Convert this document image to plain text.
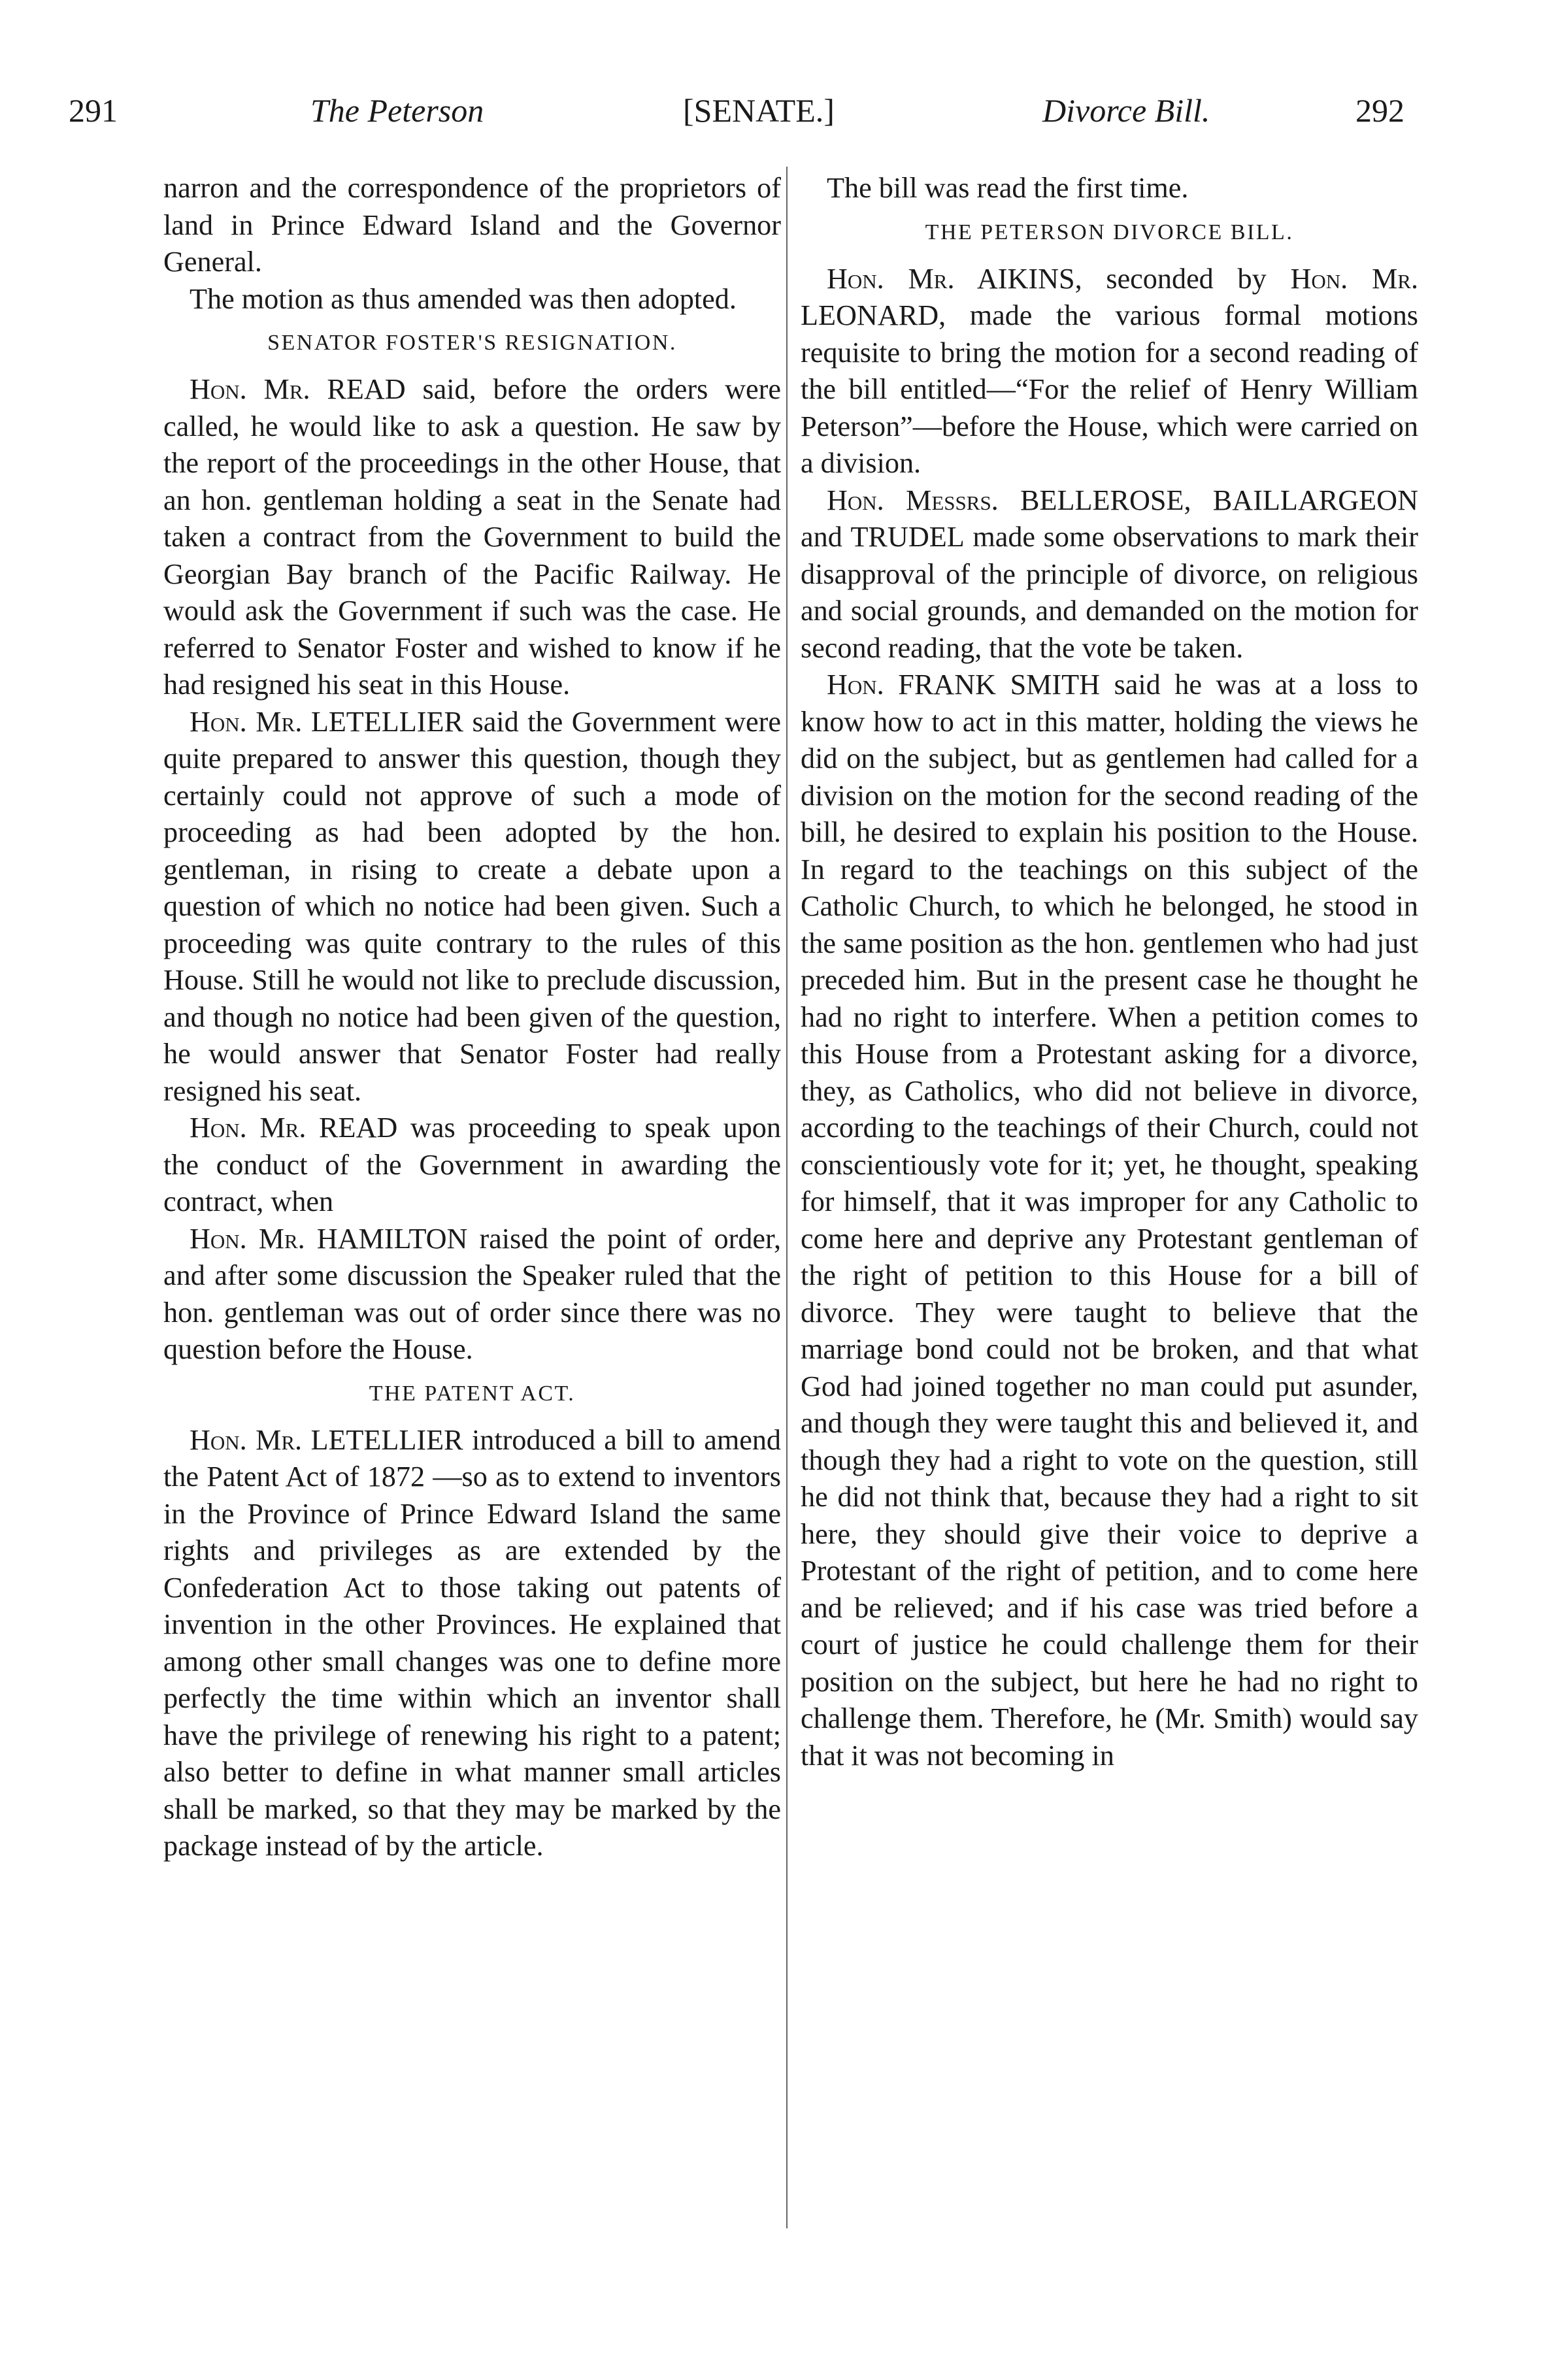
291	The Peterson	[SENATE.]	Divorce Bill.	292

narron and the correspondence of the proprietors of land in Prince Edward Island and the Governor General.

The motion as thus amended was then adopted.

SENATOR FOSTER'S RESIGNATION.

Hon. Mr. READ said, before the orders were called, he would like to ask a question. He saw by the report of the proceedings in the other House, that an hon. gentleman holding a seat in the Senate had taken a contract from the Government to build the Georgian Bay branch of the Pacific Railway. He would ask the Government if such was the case. He referred to Senator Foster and wished to know if he had resigned his seat in this House.

Hon. Mr. LETELLIER said the Government were quite prepared to answer this question, though they certainly could not approve of such a mode of proceeding as had been adopted by the hon. gentleman, in rising to create a debate upon a question of which no notice had been given. Such a proceeding was quite contrary to the rules of this House. Still he would not like to preclude discussion, and though no notice had been given of the question, he would answer that Senator Foster had really resigned his seat.

Hon. Mr. READ was proceeding to speak upon the conduct of the Government in awarding the contract, when

Hon. Mr. HAMILTON raised the point of order, and after some discussion the Speaker ruled that the hon. gentleman was out of order since there was no question before the House.

THE PATENT ACT.

Hon. Mr. LETELLIER introduced a bill to amend the Patent Act of 1872 —so as to extend to inventors in the Province of Prince Edward Island the same rights and privileges as are extended by the Confederation Act to those taking out patents of invention in the other Provinces. He explained that among other small changes was one to define more perfectly the time within which an inventor shall have the privilege of renewing his right to a patent; also better to define in what manner small articles shall be marked, so that they may be marked by the package instead of by the article.

The bill was read the first time.

THE PETERSON DIVORCE BILL.

Hon. Mr. AIKINS, seconded by Hon. Mr. LEONARD, made the various formal motions requisite to bring the motion for a second reading of the bill entitled—“For the relief of Henry William Peterson”—before the House, which were carried on a division.

Hon. Messrs. BELLEROSE, BAILLARGEON and TRUDEL made some observations to mark their disapproval of the principle of divorce, on religious and social grounds, and demanded on the motion for second reading, that the vote be taken.

Hon. FRANK SMITH said he was at a loss to know how to act in this matter, holding the views he did on the subject, but as gentlemen had called for a division on the motion for the second reading of the bill, he desired to explain his position to the House. In regard to the teachings on this subject of the Catholic Church, to which he belonged, he stood in the same position as the hon. gentlemen who had just preceded him. But in the present case he thought he had no right to interfere. When a petition comes to this House from a Protestant asking for a divorce, they, as Catholics, who did not believe in divorce, according to the teachings of their Church, could not conscientiously vote for it; yet, he thought, speaking for himself, that it was improper for any Catholic to come here and deprive any Protestant gentleman of the right of petition to this House for a bill of divorce. They were taught to believe that the marriage bond could not be broken, and that what God had joined together no man could put asunder, and though they were taught this and believed it, and though they had a right to vote on the question, still he did not think that, because they had a right to sit here, they should give their voice to deprive a Protestant of the right of petition, and to come here and be relieved; and if his case was tried before a court of justice he could challenge them for their position on the subject, but here he had no right to challenge them. Therefore, he (Mr. Smith) would say that it was not becoming in
